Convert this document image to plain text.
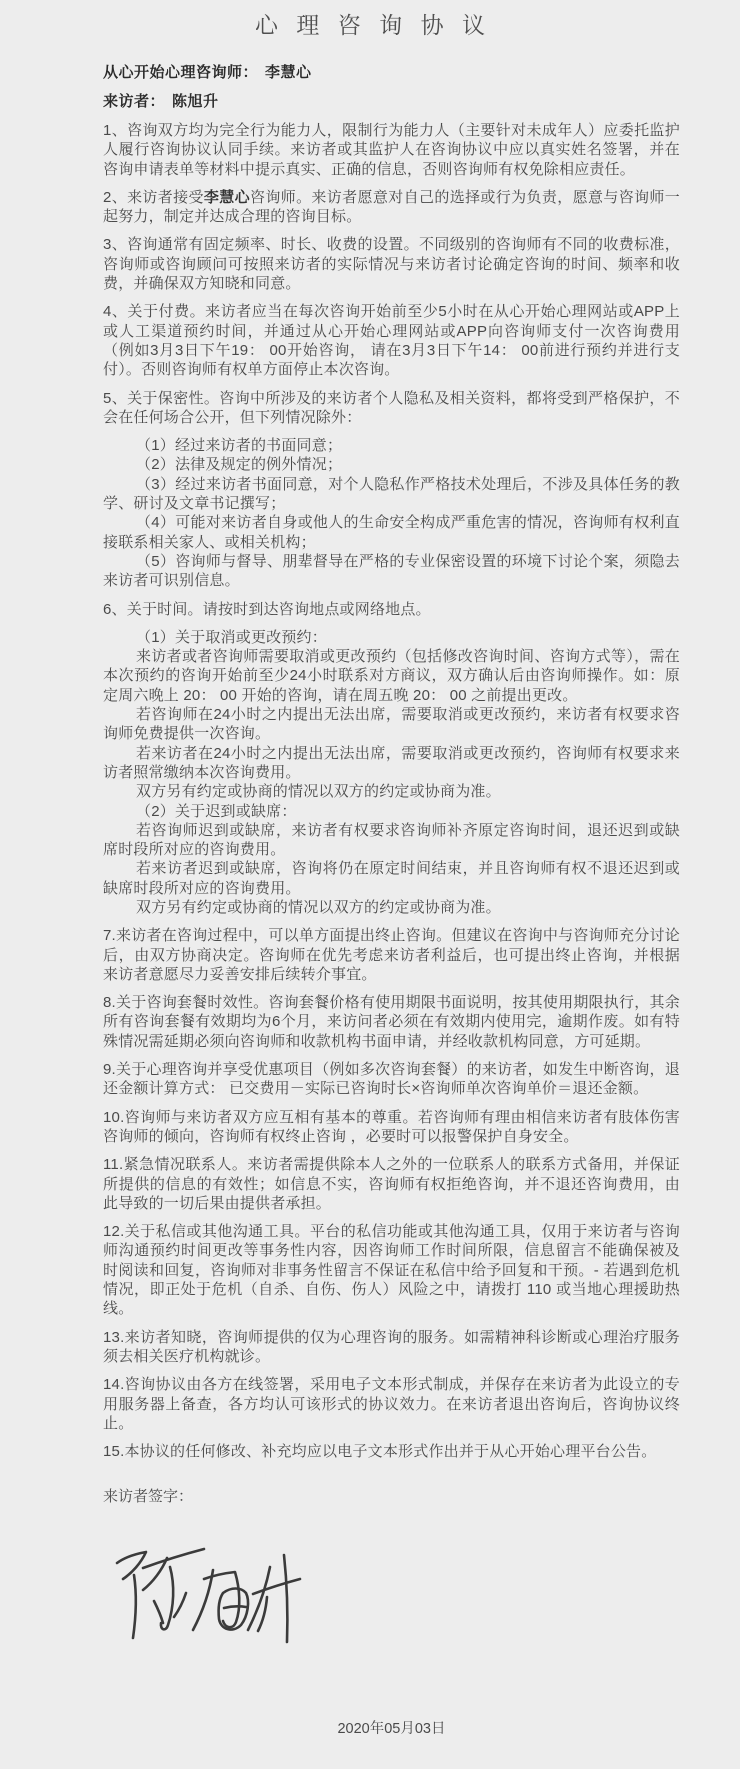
心 理 咨 询 协 议

从心开始心理咨询师： 李慧心

来访者： 陈旭升

1、咨询双方均为完全行为能力人，限制行为能力人（主要针对未成年人）应委托监护人履行咨询协议认同手续。来访者或其监护人在咨询协议中应以真实姓名签署，并在咨询申请表单等材料中提示真实、正确的信息，否则咨询师有权免除相应责任。

2、来访者接受李慧心咨询师。来访者愿意对自己的选择或行为负责，愿意与咨询师一起努力，制定并达成合理的咨询目标。

3、咨询通常有固定频率、时长、收费的设置。不同级别的咨询师有不同的收费标准，咨询师或咨询顾问可按照来访者的实际情况与来访者讨论确定咨询的时间、频率和收费，并确保双方知晓和同意。

4、关于付费。来访者应当在每次咨询开始前至少5小时在从心开始心理网站或APP上或人工渠道预约时间，并通过从心开始心理网站或APP向咨询师支付一次咨询费用（例如3月3日下午19： 00开始咨询， 请在3月3日下午14： 00前进行预约并进行支付）。否则咨询师有权单方面停止本次咨询。

5、关于保密性。咨询中所涉及的来访者个人隐私及相关资料，都将受到严格保护，不会在任何场合公开，但下列情况除外：

（1）经过来访者的书面同意；

（2）法律及规定的例外情况；

（3）经过来访者书面同意，对个人隐私作严格技术处理后，不涉及具体任务的教学、研讨及文章书记撰写；

（4）可能对来访者自身或他人的生命安全构成严重危害的情况，咨询师有权利直接联系相关家人、或相关机构；

（5）咨询师与督导、朋辈督导在严格的专业保密设置的环境下讨论个案，须隐去来访者可识别信息。

6、关于时间。请按时到达咨询地点或网络地点。

（1）关于取消或更改预约：

来访者或者咨询师需要取消或更改预约（包括修改咨询时间、咨询方式等），需在本次预约的咨询开始前至少24小时联系对方商议，双方确认后由咨询师操作。如：原定周六晚上 20： 00 开始的咨询，请在周五晚 20： 00 之前提出更改。

若咨询师在24小时之内提出无法出席，需要取消或更改预约，来访者有权要求咨询师免费提供一次咨询。

若来访者在24小时之内提出无法出席，需要取消或更改预约，咨询师有权要求来访者照常缴纳本次咨询费用。

双方另有约定或协商的情况以双方的约定或协商为准。

（2）关于迟到或缺席：

若咨询师迟到或缺席，来访者有权要求咨询师补齐原定咨询时间，退还迟到或缺席时段所对应的咨询费用。

若来访者迟到或缺席，咨询将仍在原定时间结束，并且咨询师有权不退还迟到或缺席时段所对应的咨询费用。

双方另有约定或协商的情况以双方的约定或协商为准。

7.来访者在咨询过程中，可以单方面提出终止咨询。但建议在咨询中与咨询师充分讨论后，由双方协商决定。咨询师在优先考虑来访者利益后，也可提出终止咨询，并根据来访者意愿尽力妥善安排后续转介事宜。

8.关于咨询套餐时效性。咨询套餐价格有使用期限书面说明，按其使用期限执行，其余所有咨询套餐有效期均为6个月，来访问者必须在有效期内使用完，逾期作废。如有特殊情况需延期必须向咨询师和收款机构书面申请，并经收款机构同意，方可延期。

9.关于心理咨询并享受优惠项目（例如多次咨询套餐）的来访者，如发生中断咨询，退还金额计算方式： 已交费用－实际已咨询时长×咨询师单次咨询单价＝退还金额。

10.咨询师与来访者双方应互相有基本的尊重。若咨询师有理由相信来访者有肢体伤害咨询师的倾向，咨询师有权终止咨询 ，必要时可以报警保护自身安全。

11.紧急情况联系人。来访者需提供除本人之外的一位联系人的联系方式备用，并保证所提供的信息的有效性；如信息不实，咨询师有权拒绝咨询，并不退还咨询费用，由此导致的一切后果由提供者承担。

12.关于私信或其他沟通工具。平台的私信功能或其他沟通工具，仅用于来访者与咨询师沟通预约时间更改等事务性内容，因咨询师工作时间所限，信息留言不能确保被及时阅读和回复，咨询师对非事务性留言不保证在私信中给予回复和干预。- 若遇到危机情况，即正处于危机（自杀、自伤、伤人）风险之中，请拨打 110 或当地心理援助热线。

13.来访者知晓，咨询师提供的仅为心理咨询的服务。如需精神科诊断或心理治疗服务须去相关医疗机构就诊。

14.咨询协议由各方在线签署，采用电子文本形式制成，并保存在来访者为此设立的专用服务器上备查，各方均认可该形式的协议效力。在来访者退出咨询后，咨询协议终止。

15.本协议的任何修改、补充均应以电子文本形式作出并于从心开始心理平台公告。

来访者签字：

2020年05月03日
